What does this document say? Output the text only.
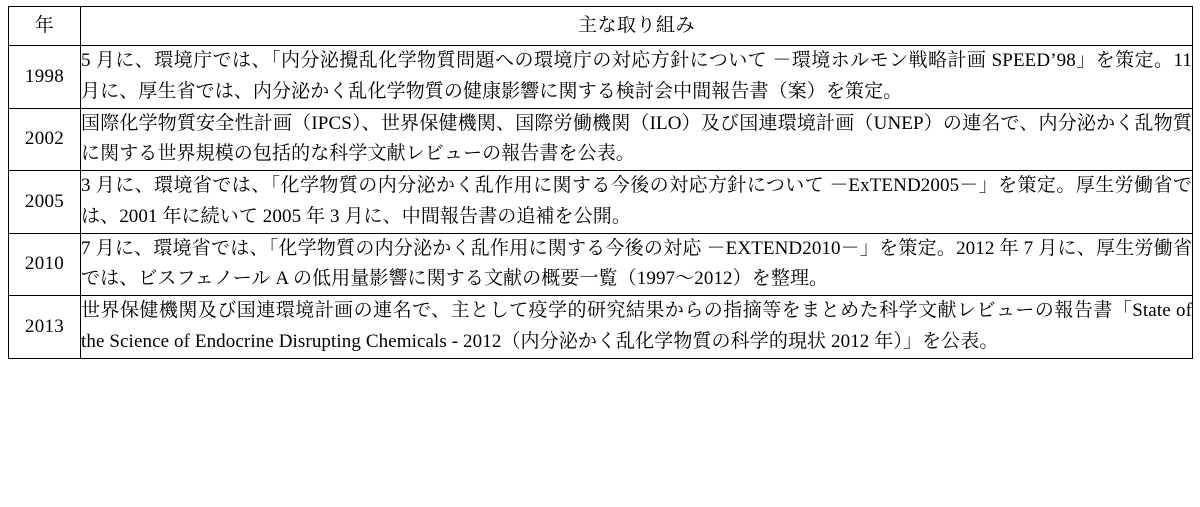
年	主な取り組み
1998	5 月に、環境庁では、「内分泌攪乱化学物質問題への環境庁の対応方針について －環境ホルモン戦略計画 SPEED’98」を策定。11 月に、厚生省では、内分泌かく乱化学物質の健康影響に関する検討会中間報告書（案）を策定。

2002	国際化学物質安全性計画（IPCS）、世界保健機関、国際労働機関（ILO）及び国連環境計画（UNEP）の連名で、内分泌かく乱物質に関する世界規模の包括的な科学文献レビューの報告書を公表。

2005	3 月に、環境省では、「化学物質の内分泌かく乱作用に関する今後の対応方針について －ExTEND2005－」を策定。厚生労働省では、2001 年に続いて 2005 年 3 月に、中間報告書の追補を公開。

2010	7 月に、環境省では、「化学物質の内分泌かく乱作用に関する今後の対応 －EXTEND2010－」を策定。2012 年 7 月に、厚生労働省では、ビスフェノール A の低用量影響に関する文献の概要一覧（1997～2012）を整理。

2013	世界保健機関及び国連環境計画の連名で、主として疫学的研究結果からの指摘等をまとめた科学文献レビューの報告書「State of the Science of Endocrine Disrupting Chemicals - 2012（内分泌かく乱化学物質の科学的現状 2012 年）」を公表。
